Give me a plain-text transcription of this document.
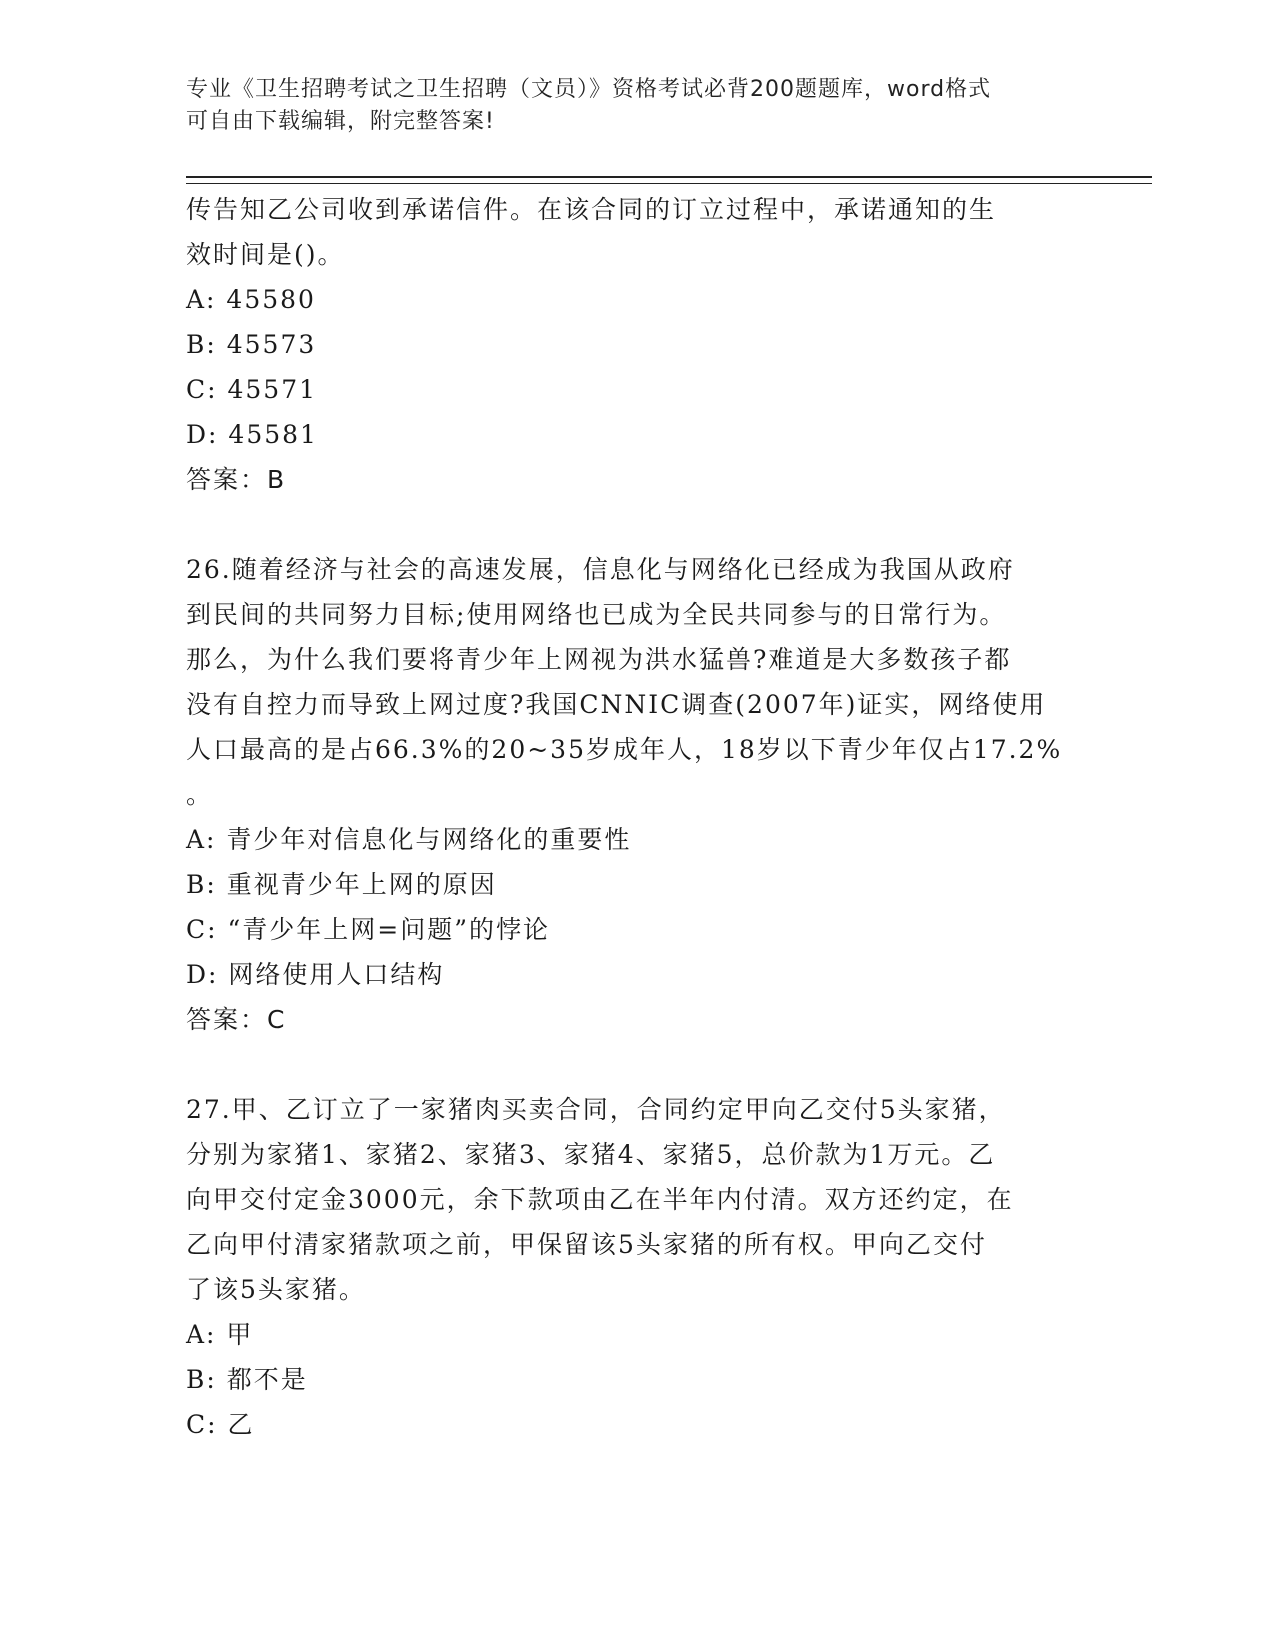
专业《卫生招聘考试之卫生招聘（文员）》资格考试必背200题题库，word格式
可自由下载编辑，附完整答案!

传告知乙公司收到承诺信件。在该合同的订立过程中，承诺通知的生

效时间是()。

A: 45580

B: 45573

C: 45571

D: 45581

答案：B

26.随着经济与社会的高速发展，信息化与网络化已经成为我国从政府

到民间的共同努力目标;使用网络也已成为全民共同参与的日常行为。

那么，为什么我们要将青少年上网视为洪水猛兽?难道是大多数孩子都

没有自控力而导致上网过度?我国CNNIC调查(2007年)证实，网络使用

人口最高的是占66.3%的20~35岁成年人，18岁以下青少年仅占17.2%

。

A: 青少年对信息化与网络化的重要性

B: 重视青少年上网的原因

C: “青少年上网=问题”的悖论

D: 网络使用人口结构

答案：C

27.甲、乙订立了一家猪肉买卖合同，合同约定甲向乙交付5头家猪，

分别为家猪1、家猪2、家猪3、家猪4、家猪5，总价款为1万元。乙

向甲交付定金3000元，余下款项由乙在半年内付清。双方还约定，在

乙向甲付清家猪款项之前，甲保留该5头家猪的所有权。甲向乙交付

了该5头家猪。

A: 甲

B: 都不是

C: 乙
